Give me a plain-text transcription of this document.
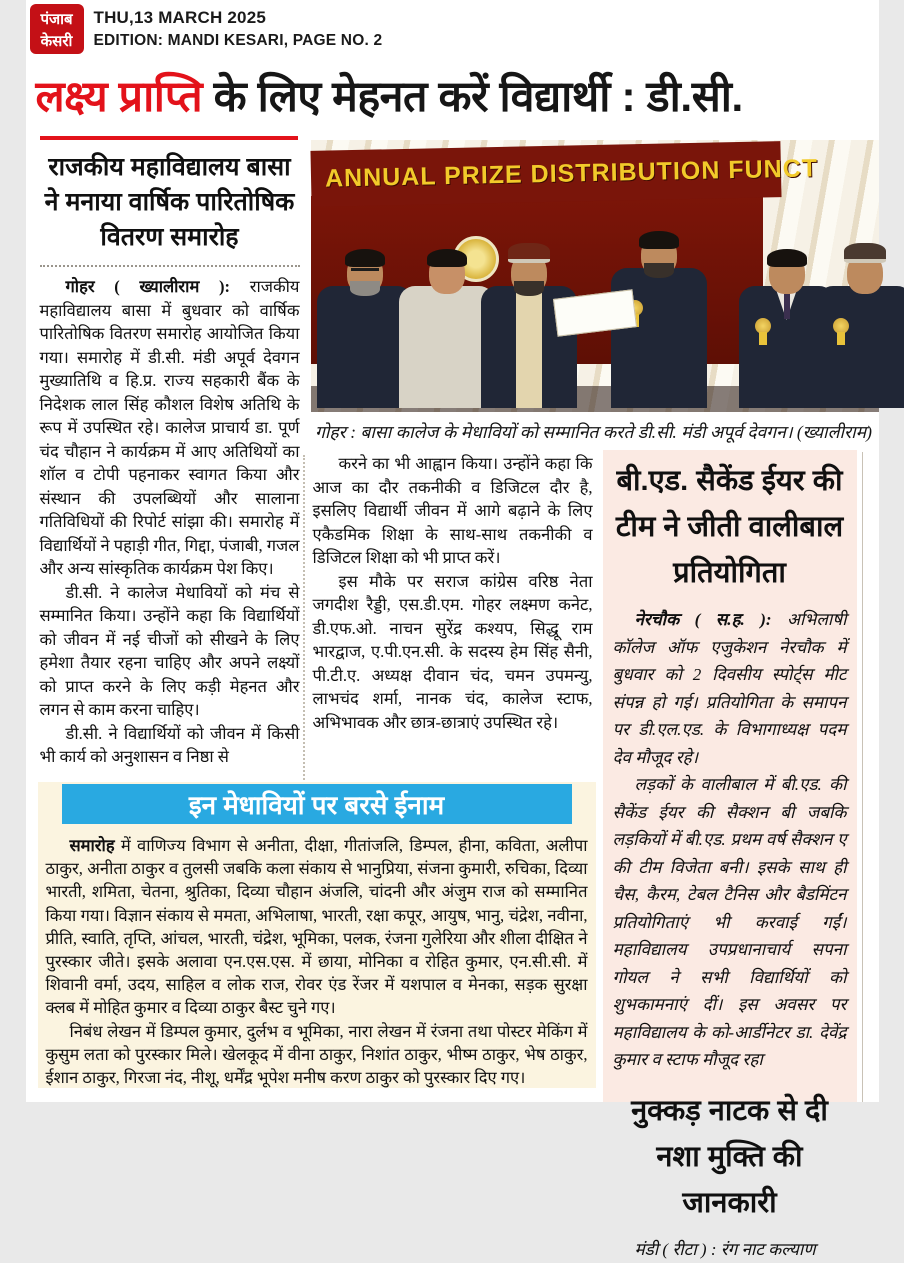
पंजाब
केसरी
THU,13 MARCH 2025
EDITION: MANDI KESARI, PAGE NO. 2
लक्ष्य प्राप्ति के लिए मेहनत करें विद्यार्थी : डी.सी.
राजकीय महाविद्यालय बासा ने मनाया वार्षिक पारितोषिक वितरण समारोह

गोहर ( ख्यालीराम ): राजकीय महाविद्यालय बासा में बुधवार को वार्षिक पारितोषिक वितरण समारोह आयोजित किया गया। समारोह में डी.सी. मंडी अपूर्व देवगन मुख्यातिथि व हि.प्र. राज्य सहकारी बैंक के निदेशक लाल सिंह कौशल विशेष अतिथि के रूप में उपस्थित रहे। कालेज प्राचार्य डा. पूर्ण चंद चौहान ने कार्यक्रम में आए अतिथियों का शॉल व टोपी पहनाकर स्वागत किया और संस्थान की उपलब्धियों और सालाना गतिविधियों की रिपोर्ट सांझा की। समारोह में विद्यार्थियों ने पहाड़ी गीत, गिद्दा, पंजाबी, गजल और अन्य सांस्कृतिक कार्यक्रम पेश किए।

डी.सी. ने कालेज मेधावियों को मंच से सम्मानित किया। उन्होंने कहा कि विद्यार्थियों को जीवन में नई चीजों को सीखने के लिए हमेशा तैयार रहना चाहिए और अपने लक्ष्यों को प्राप्त करने के लिए कड़ी मेहनत और लगन से काम करना चाहिए।

डी.सी. ने विद्यार्थियों को जीवन में किसी भी कार्य को अनुशासन व निष्ठा से

ANNUAL PRIZE DISTRIBUTION FUNCT
गोहर : बासा कालेज के मेधावियों को सम्मानित करते डी.सी. मंडी अपूर्व देवगन। (ख्यालीराम)

करने का भी आह्वान किया। उन्होंने कहा कि आज का दौर तकनीकी व डिजिटल दौर है, इसलिए विद्यार्थी जीवन में आगे बढ़ाने के लिए एकैडमिक शिक्षा के साथ-साथ तकनीकी व डिजिटल शिक्षा को भी प्राप्त करें।

इस मौके पर सराज कांग्रेस वरिष्ठ नेता जगदीश रैड्डी, एस.डी.एम. गोहर लक्ष्मण कनेट, डी.एफ.ओ. नाचन सुरेंद्र कश्यप, सिद्धू राम भारद्वाज, ए.पी.एन.सी. के सदस्य हेम सिंह सैनी, पी.टी.ए. अध्यक्ष दीवान चंद, चमन उपमन्यु, लाभचंद शर्मा, नानक चंद, कालेज स्टाफ, अभिभावक और छात्र-छात्राएं उपस्थित रहे।

बी.एड. सैकेंड ईयर की टीम ने जीती वालीबाल प्रतियोगिता

नेरचौक ( स.ह. ): अभिलाषी कॉलेज ऑफ एजुकेशन नेरचौक में बुधवार को 2 दिवसीय स्पोर्ट्स मीट संपन्न हो गई। प्रतियोगिता के समापन पर डी.एल.एड. के विभागाध्यक्ष पदम देव मौजूद रहे।

लड़कों के वालीबाल में बी.एड. की सैकेंड ईयर की सैक्शन बी जबकि लड़कियों में बी.एड. प्रथम वर्ष सैक्शन ए की टीम विजेता बनी। इसके साथ ही चैस, कैरम, टेबल टैनिस और बैडमिंटन प्रतियोगिताएं भी करवाई गईं। महाविद्यालय उपप्रधानाचार्य सपना गोयल ने सभी विद्यार्थियों को शुभकामनाएं दीं। इस अवसर पर महाविद्यालय के को-आर्डीनेटर डा. देवेंद्र कुमार व स्टाफ मौजूद रहा

नुक्कड़ नाटक से दी नशा मुक्ति की जानकारी

मंडी ( रीटा ) : रंग नाट कल्याण

इन मेधावियों पर बरसे ईनाम

समारोह में वाणिज्य विभाग से अनीता, दीक्षा, गीतांजलि, डिम्पल, हीना, कविता, अलीपा ठाकुर, अनीता ठाकुर व तुलसी जबकि कला संकाय से भानुप्रिया, संजना कुमारी, रुचिका, दिव्या भारती, शमिता, चेतना, श्रुतिका, दिव्या चौहान अंजलि, चांदनी और अंजुम राज को सम्मानित किया गया। विज्ञान संकाय से ममता, अभिलाषा, भारती, रक्षा कपूर, आयुष, भानु, चंद्रेश, नवीना, प्रीति, स्वाति, तृप्ति, आंचल, भारती, चंद्रेश, भूमिका, पलक, रंजना गुलेरिया और शीला दीक्षित ने पुरस्कार जीते। इसके अलावा एन.एस.एस. में छाया, मोनिका व रोहित कुमार, एन.सी.सी. में शिवानी वर्मा, उदय, साहिल व लोक राज, रोवर एंड रेंजर में यशपाल व मेनका, सड़क सुरक्षा क्लब में मोहित कुमार व दिव्या ठाकुर बैस्ट चुने गए।

निबंध लेखन में डिम्पल कुमार, दुर्लभ व भूमिका, नारा लेखन में रंजना तथा पोस्टर मेकिंग में कुसुम लता को पुरस्कार मिले। खेलकूद में वीना ठाकुर, निशांत ठाकुर, भीष्म ठाकुर, भेष ठाकुर, ईशान ठाकुर, गिरजा नंद, नीशू, धर्मेंद्र भूपेश मनीष करण ठाकुर को पुरस्कार दिए गए।
